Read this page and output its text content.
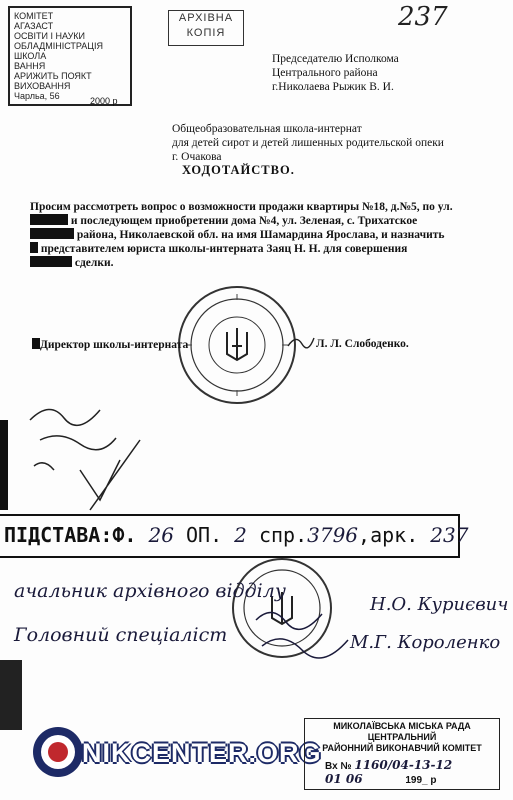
237
АРХІВНА
КОПІЯ
КОМІТЕТ
АГАЗАСТ
ОСВІТИ І НАУКИ
ОБЛАДМІНІСТРАЦІЯ
ШКОЛА
ВАННЯ
АРИЖИТЬ ПОЯКТ
ВИХОВАННЯ
Чарльа, 56	2000 р
Председателю Исполкома
Центрального района
г.Николаева Рыжик В. И.
Общеобразовательная школа-интернат
для детей сирот и детей лишенных родительской опеки
г. Очакова
ХОДОТАЙСТВО.
Просим рассмотреть вопрос о возможности продажи квартиры №18, д.№5, по ул.
и последующем приобретении дома №4, ул. Зеленая, с. Трихатское
района, Николаевской обл. на имя Шамардина Ярослава, и назначить
представителем юриста школы-интерната Заяц Н. Н. для совершения
сделки.
Директор школы-интерната	Л. Л. Слободенко.
ПІДСТАВА:Ф. 26 ОП. 2 спр.3796,арк. 237
ачальник архівного відділу
Головний спеціаліст
Н.О. Куриєвич
М.Г. Короленко
NIKCENTER.ORG
МИКОЛАЇВСЬКА МІСЬКА РАДА
ЦЕНТРАЛЬНИЙ
РАЙОННИЙ ВИКОНАВЧИЙ КОМІТЕТ
Вх № 1160/04-13-12
01 06	199_ р
